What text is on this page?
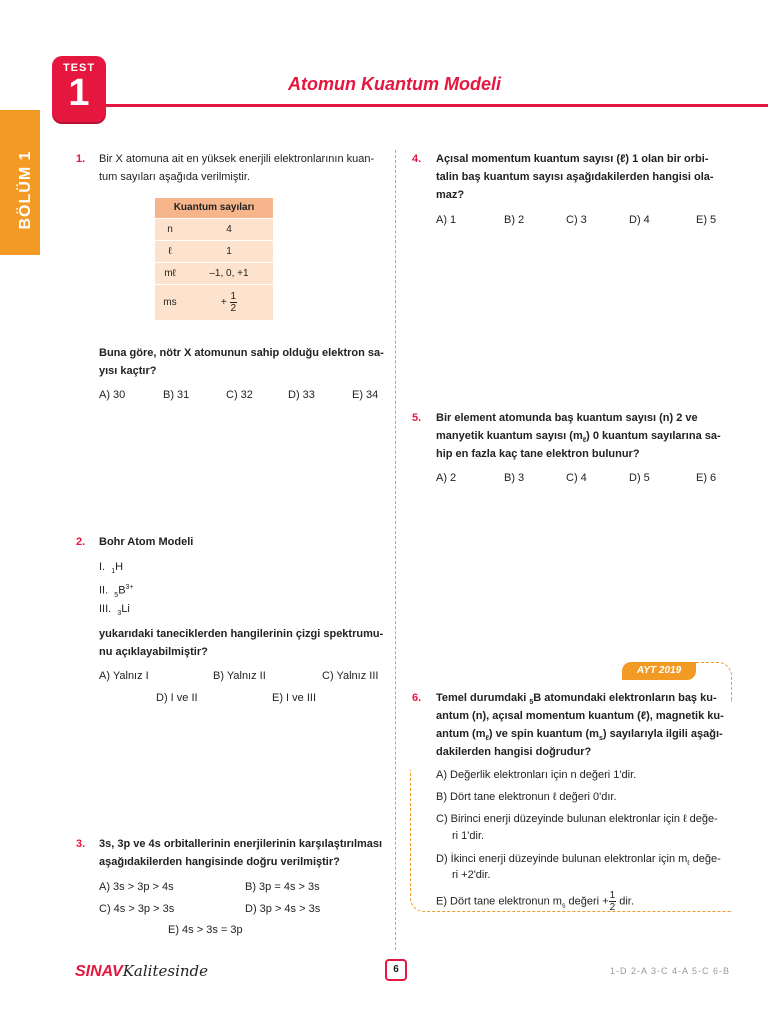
BÖLÜM 1
TEST
1	Atomun Kuantum Modeli
1. Bir X atomuna ait en yüksek enerjili elektronlarının kuan-
tum sayıları aşağıda verilmiştir.
Kuantum sayıları	
n	4
ℓ	1
mℓ	–1, 0, +1
ms	+ $\frac{1}{2}$
Buna göre, nötr X atomunun sahip olduğu elektron sa-
yısı kaçtır?
A) 30	B) 31	C) 32	D) 33	E) 34
2. Bohr Atom Modeli
I. $_1$H
II. $_5B^{3+}$
III. $_3$Li
yukarıdaki taneciklerden hangilerinin çizgi spektrumu-
nu açıklayabilmiştir?
A) Yalnız I	B) Yalnız II	C) Yalnız III
D) I ve II	E) I ve III
3. 3s, 3p ve 4s orbitallerinin enerjilerinin karşılaştırılması
aşağıdakilerden hangisinde doğru verilmiştir?
A) 3s > 3p > 4s	B) 3p = 4s > 3s
C) 4s > 3p > 3s	D) 3p > 4s > 3s
E) 4s > 3s = 3p
4. Açısal momentum kuantum sayısı (ℓ) 1 olan bir orbi-
talin baş kuantum sayısı aşağıdakilerden hangisi ola-
maz?
A) 1	B) 2	C) 3	D) 4	E) 5
5. Bir element atomunda baş kuantum sayısı (n) 2 ve
manyetik kuantum sayısı $(m_\ell)$ 0 kuantum sayılarına sa-
hip en fazla kaç tane elektron bulunur?
A) 2	B) 3	C) 4	D) 5	E) 6
AYT 2019
6. Temel durumdaki $_5$B atomundaki elektronların baş ku-
antum (n), açısal momentum kuantum (ℓ), magnetik ku-
antum $(m_\ell)$ ve spin kuantum $(m_s)$ sayılarıyla ilgili aşağı-
dakilerden hangisi doğrudur?
A) Değerlik elektronları için n değeri 1'dir.
B) Dört tane elektronun ℓ değeri 0'dır.
C) Birinci enerji düzeyinde bulunan elektronlar için ℓ değe-
ri 1'dir.
D) İkinci enerji düzeyinde bulunan elektronlar için $m_\ell$ değe-
ri +2'dir.
E) Dört tane elektronun $m_s$ değeri + $\frac{1}{2}$ dir.
SINAVKalitesinde	6	1-D 2-A 3-C 4-A 5-C 6-B
